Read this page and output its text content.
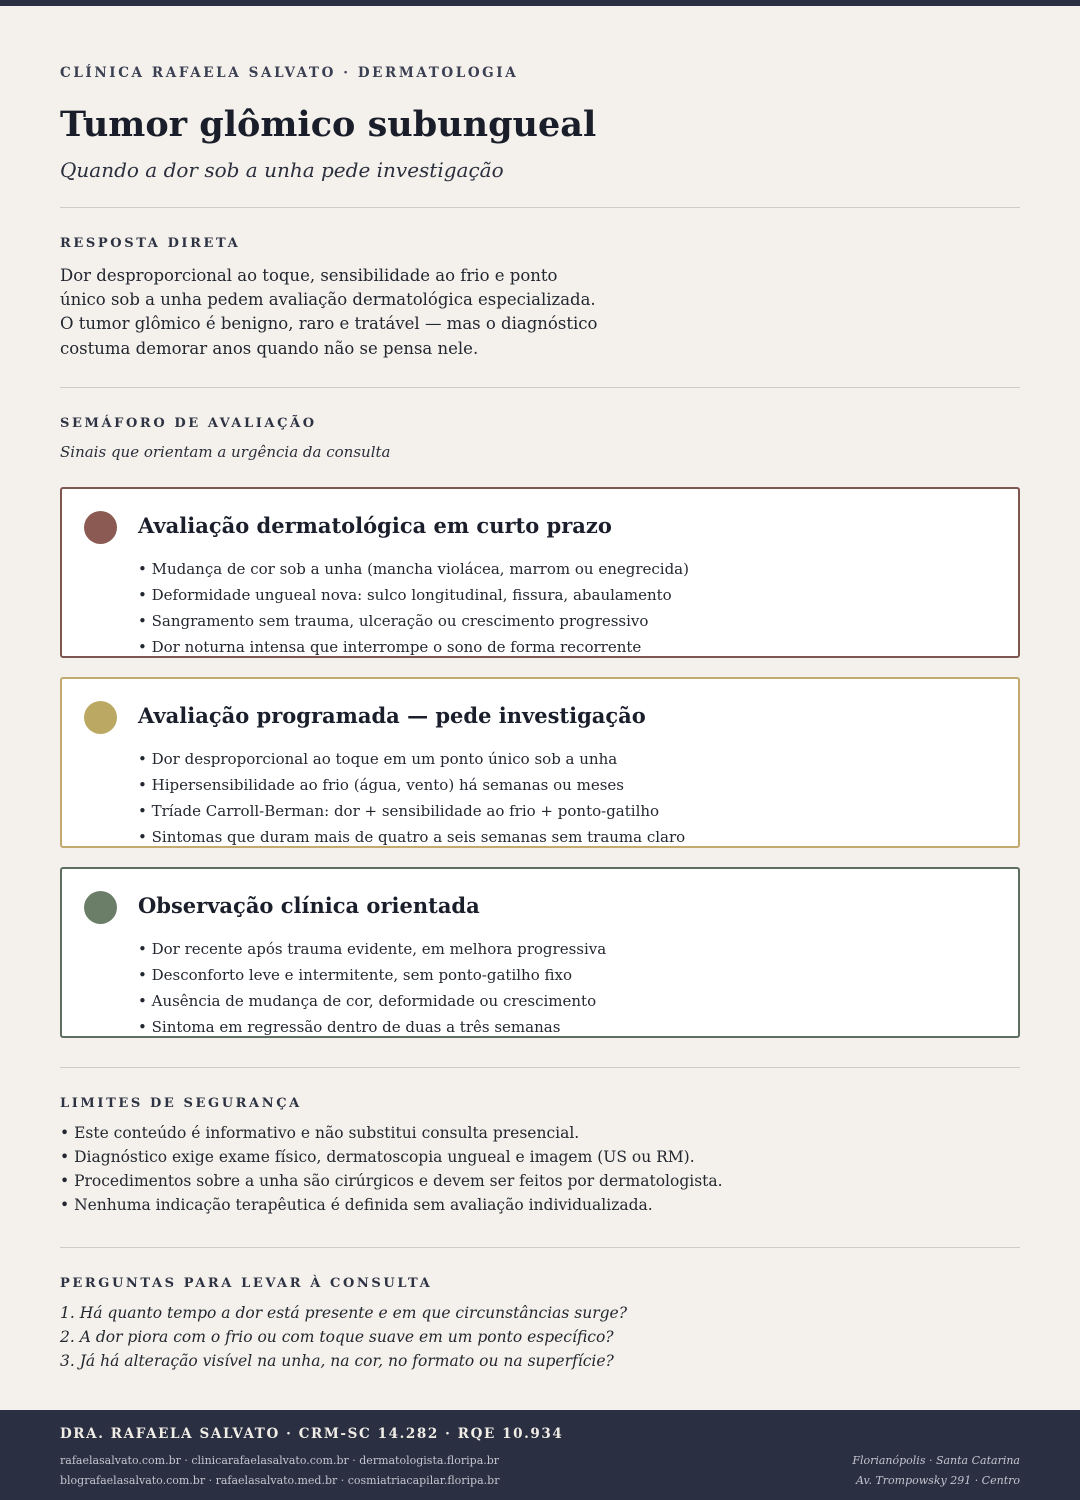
CLÍNICA RAFAELA SALVATO · DERMATOLOGIA
Tumor glômico subungueal
Quando a dor sob a unha pede investigação
RESPOSTA DIRETA
Dor desproporcional ao toque, sensibilidade ao frio e ponto
único sob a unha pedem avaliação dermatológica especializada.
O tumor glômico é benigno, raro e tratável — mas o diagnóstico
costuma demorar anos quando não se pensa nele.
SEMÁFORO DE AVALIAÇÃO
Sinais que orientam a urgência da consulta
Avaliação dermatológica em curto prazo
• Mudança de cor sob a unha (mancha violácea, marrom ou enegrecida)
• Deformidade ungueal nova: sulco longitudinal, fissura, abaulamento
• Sangramento sem trauma, ulceração ou crescimento progressivo
• Dor noturna intensa que interrompe o sono de forma recorrente
Avaliação programada — pede investigação
• Dor desproporcional ao toque em um ponto único sob a unha
• Hipersensibilidade ao frio (água, vento) há semanas ou meses
• Tríade Carroll-Berman: dor + sensibilidade ao frio + ponto-gatilho
• Sintomas que duram mais de quatro a seis semanas sem trauma claro
Observação clínica orientada
• Dor recente após trauma evidente, em melhora progressiva
• Desconforto leve e intermitente, sem ponto-gatilho fixo
• Ausência de mudança de cor, deformidade ou crescimento
• Sintoma em regressão dentro de duas a três semanas
LIMITES DE SEGURANÇA
• Este conteúdo é informativo e não substitui consulta presencial.
• Diagnóstico exige exame físico, dermatoscopia ungueal e imagem (US ou RM).
• Procedimentos sobre a unha são cirúrgicos e devem ser feitos por dermatologista.
• Nenhuma indicação terapêutica é definida sem avaliação individualizada.
PERGUNTAS PARA LEVAR À CONSULTA
1. Há quanto tempo a dor está presente e em que circunstâncias surge?
2. A dor piora com o frio ou com toque suave em um ponto específico?
3. Já há alteração visível na unha, na cor, no formato ou na superfície?
DRA. RAFAELA SALVATO · CRM-SC 14.282 · RQE 10.934
rafaelasalvato.com.br · clinicarafaelasalvato.com.br · dermatologista.floripa.br
blografaelasalvato.com.br · rafaelasalvato.med.br · cosmiatriacapilar.floripa.br
Florianópolis · Santa Catarina
Av. Trompowsky 291 · Centro
